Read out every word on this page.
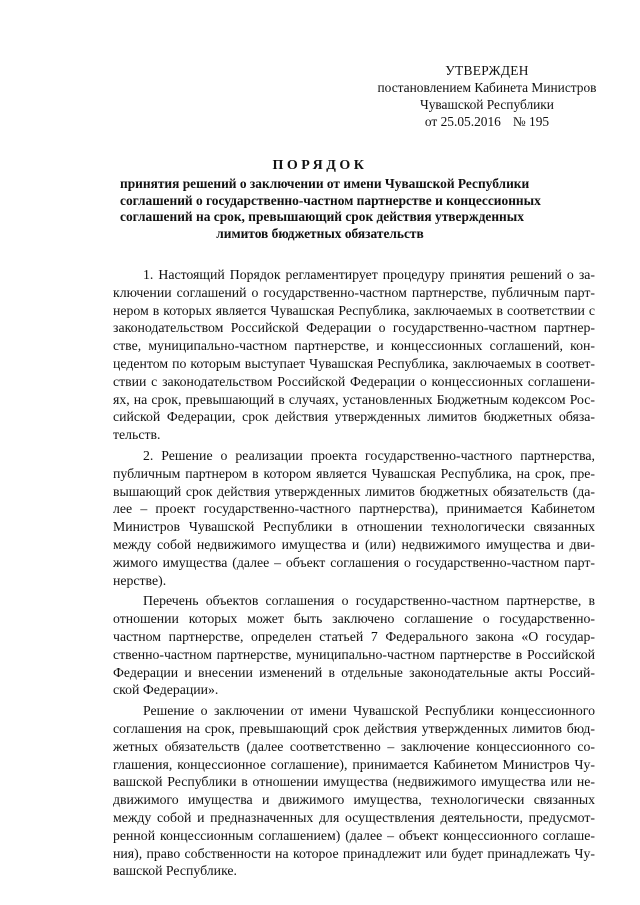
УТВЕРЖДЕН
постановлением Кабинета Министров
Чувашской Республики
от 25.05.2016 № 195
ПОРЯДОК
принятия решений о заключении от имени Чувашской Республики
соглашений о государственно-частном партнерстве и концессионных
соглашений на срок, превышающий срок действия утвержденных
лимитов бюджетных обязательств
1. Настоящий Порядок регламентирует процедуру принятия решений о за-
ключении соглашений о государственно-частном партнерстве, публичным парт-
нером в которых является Чувашская Республика, заключаемых в соответствии с
законодательством Российской Федерации о государственно-частном партнер-
стве, муниципально-частном партнерстве, и концессионных соглашений, кон-
цедентом по которым выступает Чувашская Республика, заключаемых в соответ-
ствии с законодательством Российской Федерации о концессионных соглашени-
ях, на срок, превышающий в случаях, установленных Бюджетным кодексом Рос-
сийской Федерации, срок действия утвержденных лимитов бюджетных обяза-
тельств.
2. Решение о реализации проекта государственно-частного партнерства,
публичным партнером в котором является Чувашская Республика, на срок, пре-
вышающий срок действия утвержденных лимитов бюджетных обязательств (да-
лее – проект государственно-частного партнерства), принимается Кабинетом
Министров Чувашской Республики в отношении технологически связанных
между собой недвижимого имущества и (или) недвижимого имущества и дви-
жимого имущества (далее – объект соглашения о государственно-частном парт-
нерстве).
Перечень объектов соглашения о государственно-частном партнерстве, в
отношении которых может быть заключено соглашение о государственно-
частном партнерстве, определен статьей 7 Федерального закона «О государ-
ственно-частном партнерстве, муниципально-частном партнерстве в Российской
Федерации и внесении изменений в отдельные законодательные акты Россий-
ской Федерации».
Решение о заключении от имени Чувашской Республики концессионного
соглашения на срок, превышающий срок действия утвержденных лимитов бюд-
жетных обязательств (далее соответственно – заключение концессионного со-
глашения, концессионное соглашение), принимается Кабинетом Министров Чу-
вашской Республики в отношении имущества (недвижимого имущества или не-
движимого имущества и движимого имущества, технологически связанных
между собой и предназначенных для осуществления деятельности, предусмот-
ренной концессионным соглашением) (далее – объект концессионного соглаше-
ния), право собственности на которое принадлежит или будет принадлежать Чу-
вашской Республике.
